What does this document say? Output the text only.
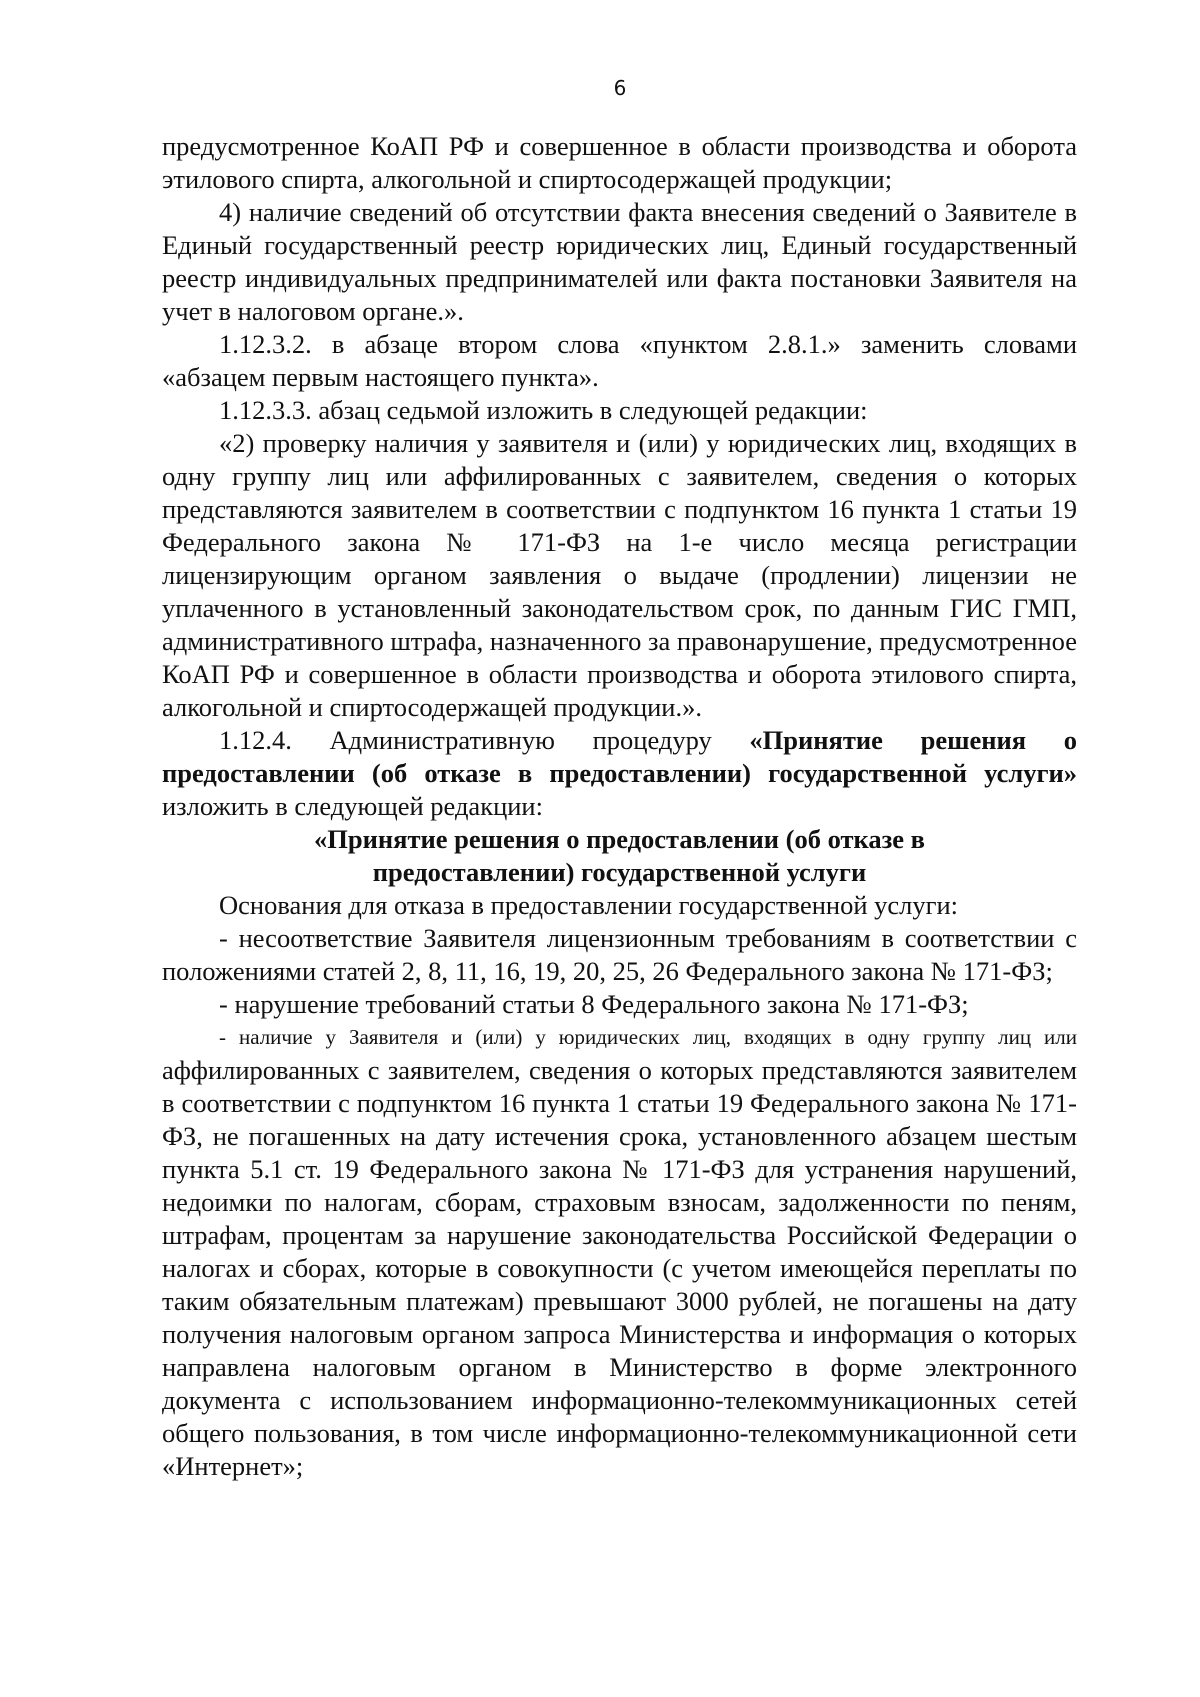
6

предусмотренное КоАП РФ и совершенное в области производства и оборота этилового спирта, алкогольной и спиртосодержащей продукции;

4) наличие сведений об отсутствии факта внесения сведений о Заявителе в Единый государственный реестр юридических лиц, Единый государственный реестр индивидуальных предпринимателей или факта постановки Заявителя на учет в налоговом органе.».

1.12.3.2. в абзаце втором слова «пунктом 2.8.1.» заменить словами «абзацем первым настоящего пункта».

1.12.3.3. абзац седьмой изложить в следующей редакции:

«2) проверку наличия у заявителя и (или) у юридических лиц, входящих в одну группу лиц или аффилированных с заявителем, сведения о которых представляются заявителем в соответствии с подпунктом 16 пункта 1 статьи 19 Федерального закона № 171-ФЗ на 1-е число месяца регистрации лицензирующим органом заявления о выдаче (продлении) лицензии не уплаченного в установленный законодательством срок, по данным ГИС ГМП, административного штрафа, назначенного за правонарушение, предусмотренное КоАП РФ и совершенное в области производства и оборота этилового спирта, алкогольной и спиртосодержащей продукции.».

1.12.4. Административную процедуру «Принятие решения о предоставлении (об отказе в предоставлении) государственной услуги» изложить в следующей редакции:

«Принятие решения о предоставлении (об отказе в предоставлении) государственной услуги

Основания для отказа в предоставлении государственной услуги:

- несоответствие Заявителя лицензионным требованиям в соответствии с положениями статей 2, 8, 11, 16, 19, 20, 25, 26 Федерального закона № 171-ФЗ;

- нарушение требований статьи 8 Федерального закона № 171-ФЗ;

- наличие у Заявителя и (или) у юридических лиц, входящих в одну группу лиц или аффилированных с заявителем, сведения о которых представляются заявителем в соответствии с подпунктом 16 пункта 1 статьи 19 Федерального закона № 171-ФЗ, не погашенных на дату истечения срока, установленного абзацем шестым пункта 5.1 ст. 19 Федерального закона № 171-ФЗ для устранения нарушений, недоимки по налогам, сборам, страховым взносам, задолженности по пеням, штрафам, процентам за нарушение законодательства Российской Федерации о налогах и сборах, которые в совокупности (с учетом имеющейся переплаты по таким обязательным платежам) превышают 3000 рублей, не погашены на дату получения налоговым органом запроса Министерства и информация о которых направлена налоговым органом в Министерство в форме электронного документа с использованием информационно-телекоммуникационных сетей общего пользования, в том числе информационно-телекоммуникационной сети «Интернет»;
